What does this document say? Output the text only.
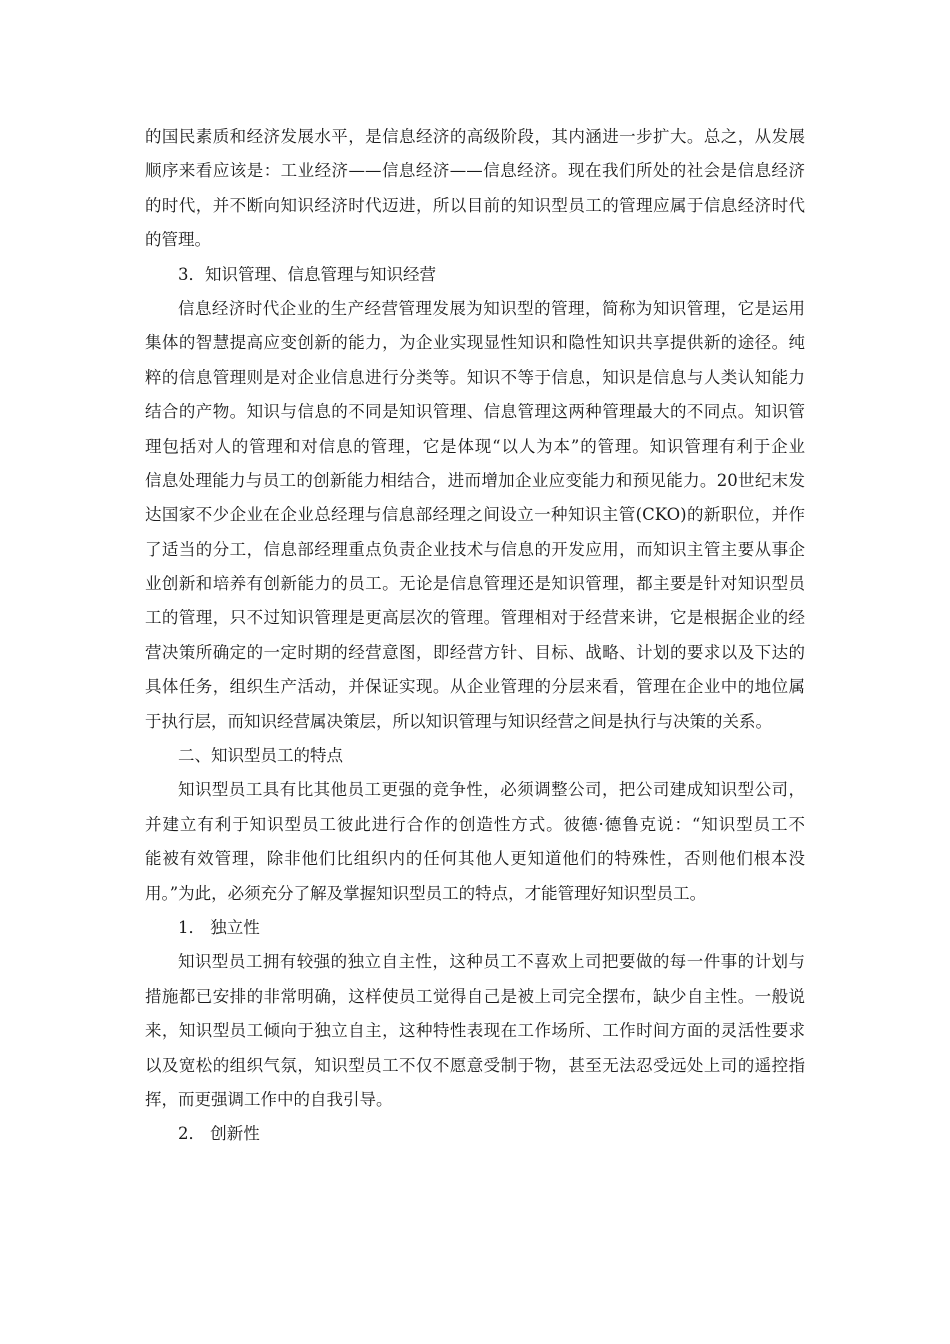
的国民素质和经济发展水平，是信息经济的高级阶段，其内涵进一步扩大。总之，从发展
顺序来看应该是：工业经济——信息经济——信息经济。现在我们所处的社会是信息经济
的时代，并不断向知识经济时代迈进，所以目前的知识型员工的管理应属于信息经济时代
的管理。
3．知识管理、信息管理与知识经营
信息经济时代企业的生产经营管理发展为知识型的管理，简称为知识管理，它是运用
集体的智慧提高应变创新的能力，为企业实现显性知识和隐性知识共享提供新的途径。纯
粹的信息管理则是对企业信息进行分类等。知识不等于信息，知识是信息与人类认知能力
结合的产物。知识与信息的不同是知识管理、信息管理这两种管理最大的不同点。知识管
理包括对人的管理和对信息的管理，它是体现“以人为本”的管理。知识管理有利于企业
信息处理能力与员工的创新能力相结合，进而增加企业应变能力和预见能力。20世纪末发
达国家不少企业在企业总经理与信息部经理之间设立一种知识主管(CKO)的新职位，并作
了适当的分工，信息部经理重点负责企业技术与信息的开发应用，而知识主管主要从事企
业创新和培养有创新能力的员工。无论是信息管理还是知识管理，都主要是针对知识型员
工的管理，只不过知识管理是更高层次的管理。管理相对于经营来讲，它是根据企业的经
营决策所确定的一定时期的经营意图，即经营方针、目标、战略、计划的要求以及下达的
具体任务，组织生产活动，并保证实现。从企业管理的分层来看，管理在企业中的地位属
于执行层，而知识经营属决策层，所以知识管理与知识经营之间是执行与决策的关系。
二、知识型员工的特点
知识型员工具有比其他员工更强的竞争性，必须调整公司，把公司建成知识型公司，
并建立有利于知识型员工彼此进行合作的创造性方式。彼德·德鲁克说：“知识型员工不
能被有效管理，除非他们比组织内的任何其他人更知道他们的特殊性，否则他们根本没
用。”为此，必须充分了解及掌握知识型员工的特点，才能管理好知识型员工。
1． 独立性
知识型员工拥有较强的独立自主性，这种员工不喜欢上司把要做的每一件事的计划与
措施都已安排的非常明确，这样使员工觉得自己是被上司完全摆布，缺少自主性。一般说
来，知识型员工倾向于独立自主，这种特性表现在工作场所、工作时间方面的灵活性要求
以及宽松的组织气氛，知识型员工不仅不愿意受制于物，甚至无法忍受远处上司的遥控指
挥，而更强调工作中的自我引导。
2． 创新性
